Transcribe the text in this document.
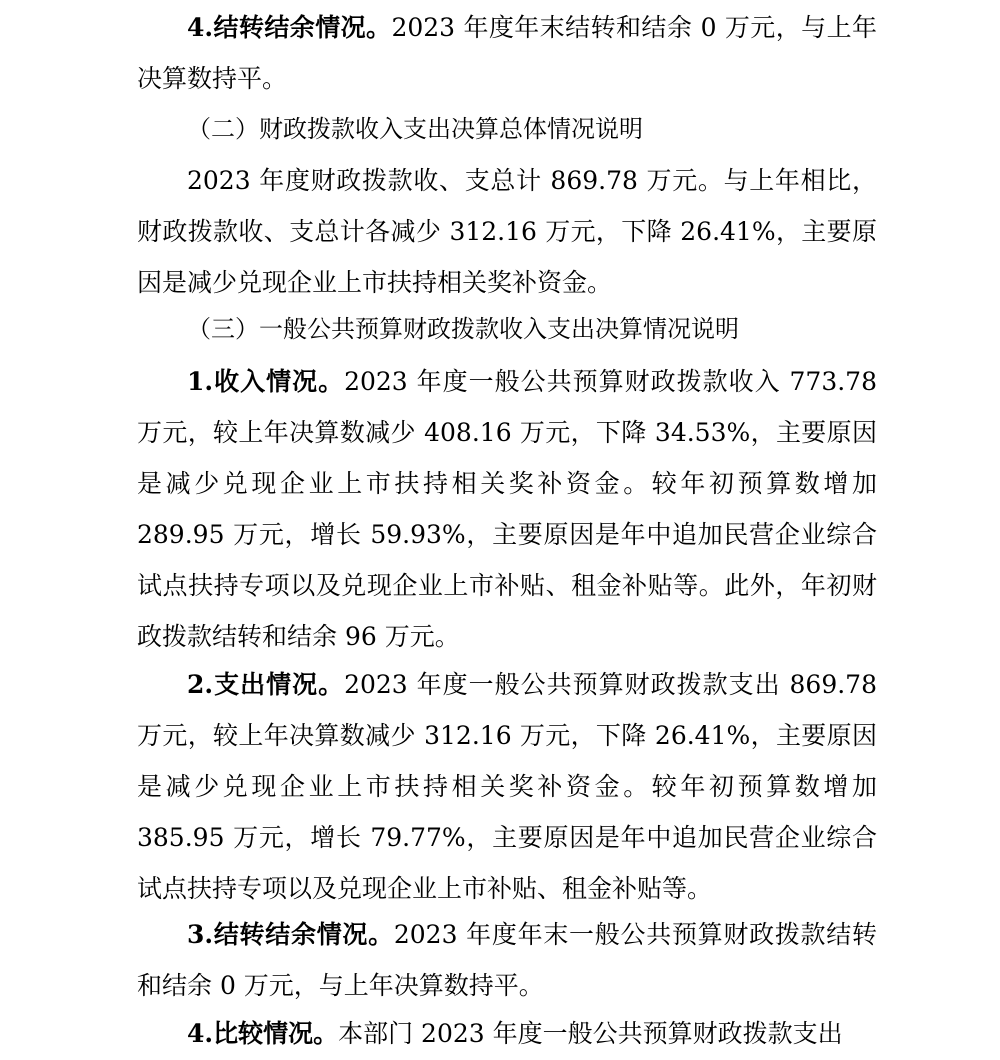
4.结转结余情况。2023 年度年末结转和结余 0 万元，与上年决算数持平。

（二）财政拨款收入支出决算总体情况说明

2023 年度财政拨款收、支总计 869.78 万元。与上年相比，财政拨款收、支总计各减少 312.16 万元，下降 26.41%，主要原因是减少兑现企业上市扶持相关奖补资金。

（三）一般公共预算财政拨款收入支出决算情况说明

1.收入情况。2023 年度一般公共预算财政拨款收入 773.78 万元，较上年决算数减少 408.16 万元，下降 34.53%，主要原因是减少兑现企业上市扶持相关奖补资金。较年初预算数增加 289.95 万元，增长 59.93%，主要原因是年中追加民营企业综合试点扶持专项以及兑现企业上市补贴、租金补贴等。此外，年初财政拨款结转和结余 96 万元。

2.支出情况。2023 年度一般公共预算财政拨款支出 869.78 万元，较上年决算数减少 312.16 万元，下降 26.41%，主要原因是减少兑现企业上市扶持相关奖补资金。较年初预算数增加 385.95 万元，增长 79.77%，主要原因是年中追加民营企业综合试点扶持专项以及兑现企业上市补贴、租金补贴等。

3.结转结余情况。2023 年度年末一般公共预算财政拨款结转和结余 0 万元，与上年决算数持平。

4.比较情况。本部门 2023 年度一般公共预算财政拨款支出
